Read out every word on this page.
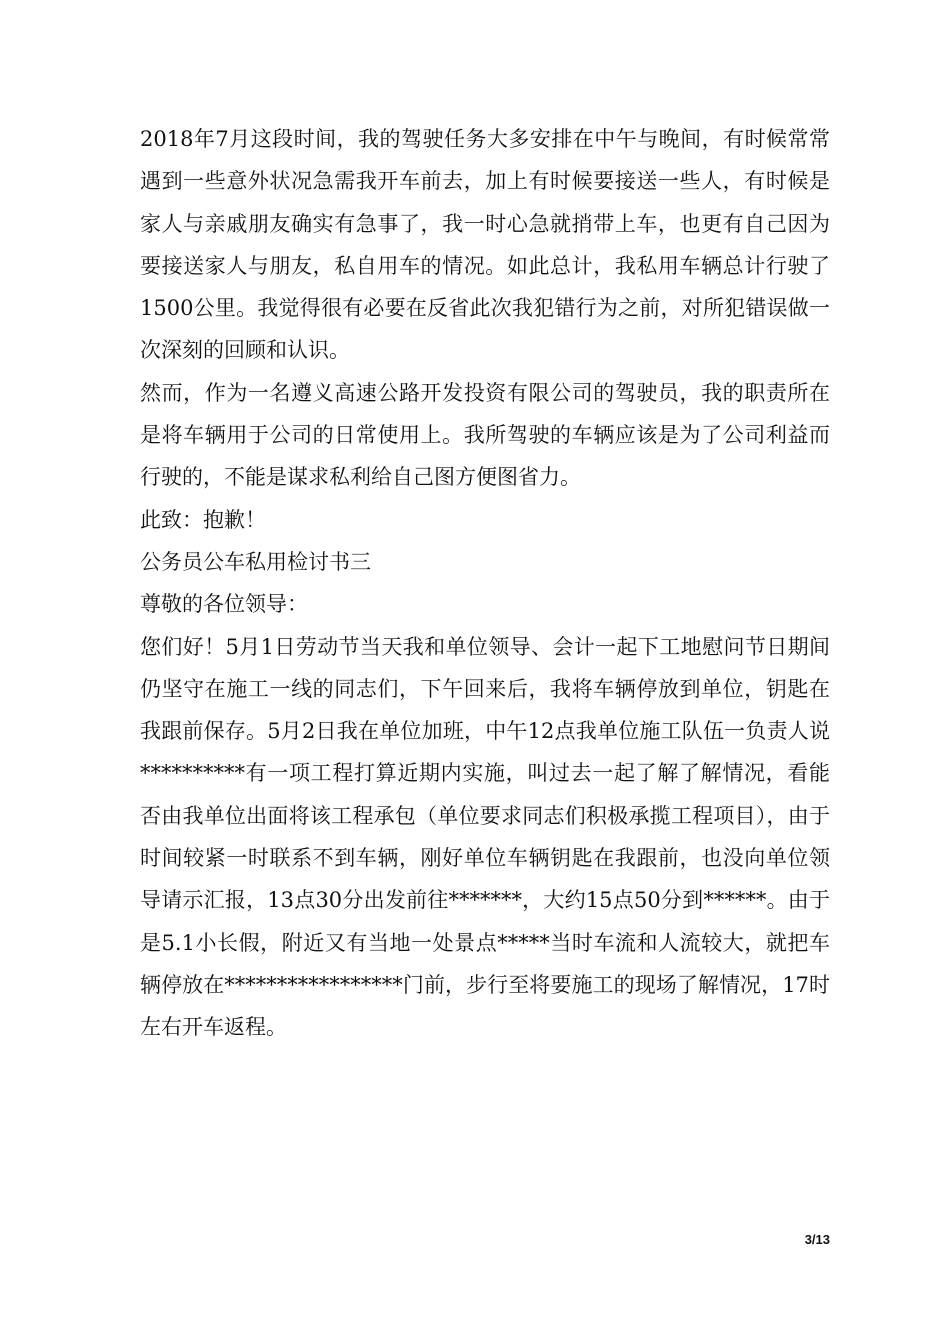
2018年7月这段时间，我的驾驶任务大多安排在中午与晚间，有时候常常遇到一些意外状况急需我开车前去，加上有时候要接送一些人，有时候是家人与亲戚朋友确实有急事了，我一时心急就捎带上车，也更有自己因为要接送家人与朋友，私自用车的情况。如此总计，我私用车辆总计行驶了1500公里。我觉得很有必要在反省此次我犯错行为之前，对所犯错误做一次深刻的回顾和认识。

然而，作为一名遵义高速公路开发投资有限公司的驾驶员，我的职责所在是将车辆用于公司的日常使用上。我所驾驶的车辆应该是为了公司利益而行驶的，不能是谋求私利给自己图方便图省力。

此致：抱歉！

公务员公车私用检讨书三

尊敬的各位领导：

您们好！5月1日劳动节当天我和单位领导、会计一起下工地慰问节日期间仍坚守在施工一线的同志们，下午回来后，我将车辆停放到单位，钥匙在我跟前保存。5月2日我在单位加班，中午12点我单位施工队伍一负责人说**********有一项工程打算近期内实施，叫过去一起了解了解情况，看能否由我单位出面将该工程承包（单位要求同志们积极承揽工程项目），由于时间较紧一时联系不到车辆，刚好单位车辆钥匙在我跟前，也没向单位领导请示汇报，13点30分出发前往*******，大约15点50分到******。由于是5.1小长假，附近又有当地一处景点*****当时车流和人流较大，就把车辆停放在*****************门前，步行至将要施工的现场了解情况，17时左右开车返程。

3/13
